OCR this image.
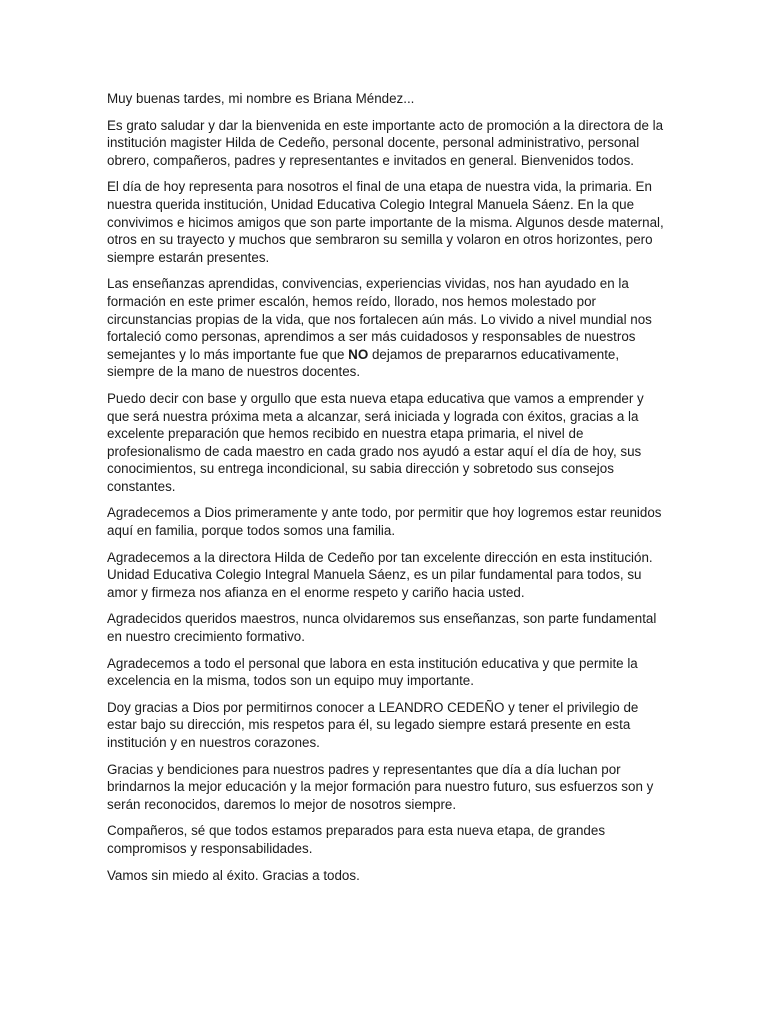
Muy buenas tardes, mi nombre es Briana Méndez...

Es grato saludar y dar la bienvenida en este importante acto de promoción a la directora de la institución magister Hilda de Cedeño, personal docente, personal administrativo, personal obrero, compañeros, padres y representantes e invitados en general. Bienvenidos todos.

El día de hoy representa para nosotros el final de una etapa de nuestra vida, la primaria. En nuestra querida institución, Unidad Educativa Colegio Integral Manuela Sáenz. En la que convivimos e hicimos amigos que son parte importante de la misma. Algunos desde maternal, otros en su trayecto y muchos que sembraron su semilla y volaron en otros horizontes, pero siempre estarán presentes.

Las enseñanzas aprendidas, convivencias, experiencias vividas, nos han ayudado en la formación en este primer escalón, hemos reído, llorado, nos hemos molestado por circunstancias propias de la vida, que nos fortalecen aún más. Lo vivido a nivel mundial nos fortaleció como personas, aprendimos a ser más cuidadosos y responsables de nuestros semejantes y lo más importante fue que NO dejamos de prepararnos educativamente, siempre de la mano de nuestros docentes.

Puedo decir con base y orgullo que esta nueva etapa educativa que vamos a emprender y que será nuestra próxima meta a alcanzar, será iniciada y lograda con éxitos, gracias a la excelente preparación que hemos recibido en nuestra etapa primaria, el nivel de profesionalismo de cada maestro en cada grado nos ayudó a estar aquí el día de hoy, sus conocimientos, su entrega incondicional, su sabia dirección y sobretodo sus consejos constantes.

Agradecemos a Dios primeramente y ante todo, por permitir que hoy logremos estar reunidos aquí en familia, porque todos somos una familia.

Agradecemos a la directora Hilda de Cedeño por tan excelente dirección en esta institución. Unidad Educativa Colegio Integral Manuela Sáenz, es un pilar fundamental para todos, su amor y firmeza nos afianza en el enorme respeto y cariño hacia usted.

Agradecidos queridos maestros, nunca olvidaremos sus enseñanzas, son parte fundamental en nuestro crecimiento formativo.

Agradecemos a todo el personal que labora en esta institución educativa y que permite la excelencia en la misma, todos son un equipo muy importante.

Doy gracias a Dios por permitirnos conocer a LEANDRO CEDEÑO y tener el privilegio de estar bajo su dirección, mis respetos para él, su legado siempre estará presente en esta institución y en nuestros corazones.

Gracias y bendiciones para nuestros padres y representantes que día a día luchan por brindarnos la mejor educación y la mejor formación para nuestro futuro, sus esfuerzos son y serán reconocidos, daremos lo mejor de nosotros siempre.

Compañeros, sé que todos estamos preparados para esta nueva etapa, de grandes compromisos y responsabilidades.

Vamos sin miedo al éxito. Gracias a todos.
